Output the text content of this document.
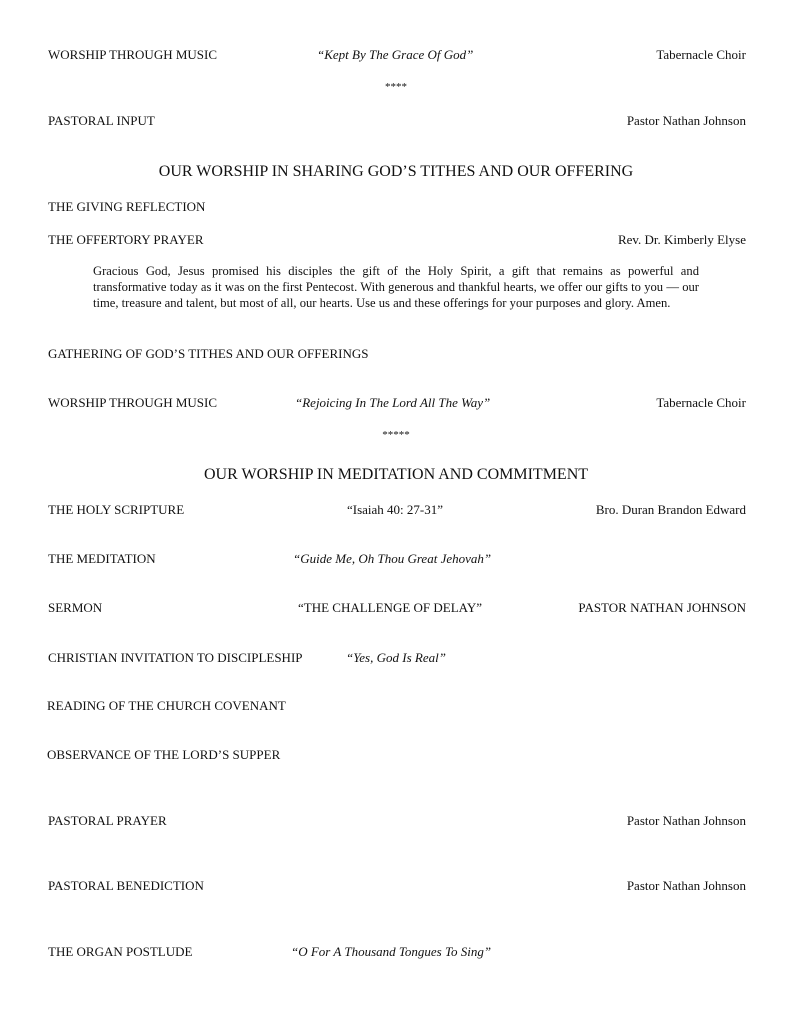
WORSHIP THROUGH MUSIC	“Kept By The Grace Of God”	Tabernacle Choir
****
PASTORAL INPUT	Pastor Nathan Johnson
OUR WORSHIP IN SHARING GOD’S TITHES AND OUR OFFERING
THE GIVING REFLECTION
THE OFFERTORY PRAYER	Rev. Dr. Kimberly Elyse

Gracious God, Jesus promised his disciples the gift of the Holy Spirit, a gift that remains as powerful and transformative today as it was on the first Pentecost. With generous and thankful hearts, we offer our gifts to you — our time, treasure and talent, but most of all, our hearts. Use us and these offerings for your purposes and glory. Amen.

GATHERING OF GOD’S TITHES AND OUR OFFERINGS
WORSHIP THROUGH MUSIC	“Rejoicing In The Lord All The Way”	Tabernacle Choir
*****
OUR WORSHIP IN MEDITATION AND COMMITMENT
THE HOLY SCRIPTURE	“Isaiah 40: 27-31”	Bro. Duran Brandon Edward
THE MEDITATION	“Guide Me, Oh Thou Great Jehovah”
SERMON	“THE CHALLENGE OF DELAY”	PASTOR NATHAN JOHNSON
CHRISTIAN INVITATION TO DISCIPLESHIP	“Yes, God Is Real”
READING OF THE CHURCH COVENANT
OBSERVANCE OF THE LORD’S SUPPER
PASTORAL PRAYER	Pastor Nathan Johnson
PASTORAL BENEDICTION	Pastor Nathan Johnson
THE ORGAN POSTLUDE	“O For A Thousand Tongues To Sing”
